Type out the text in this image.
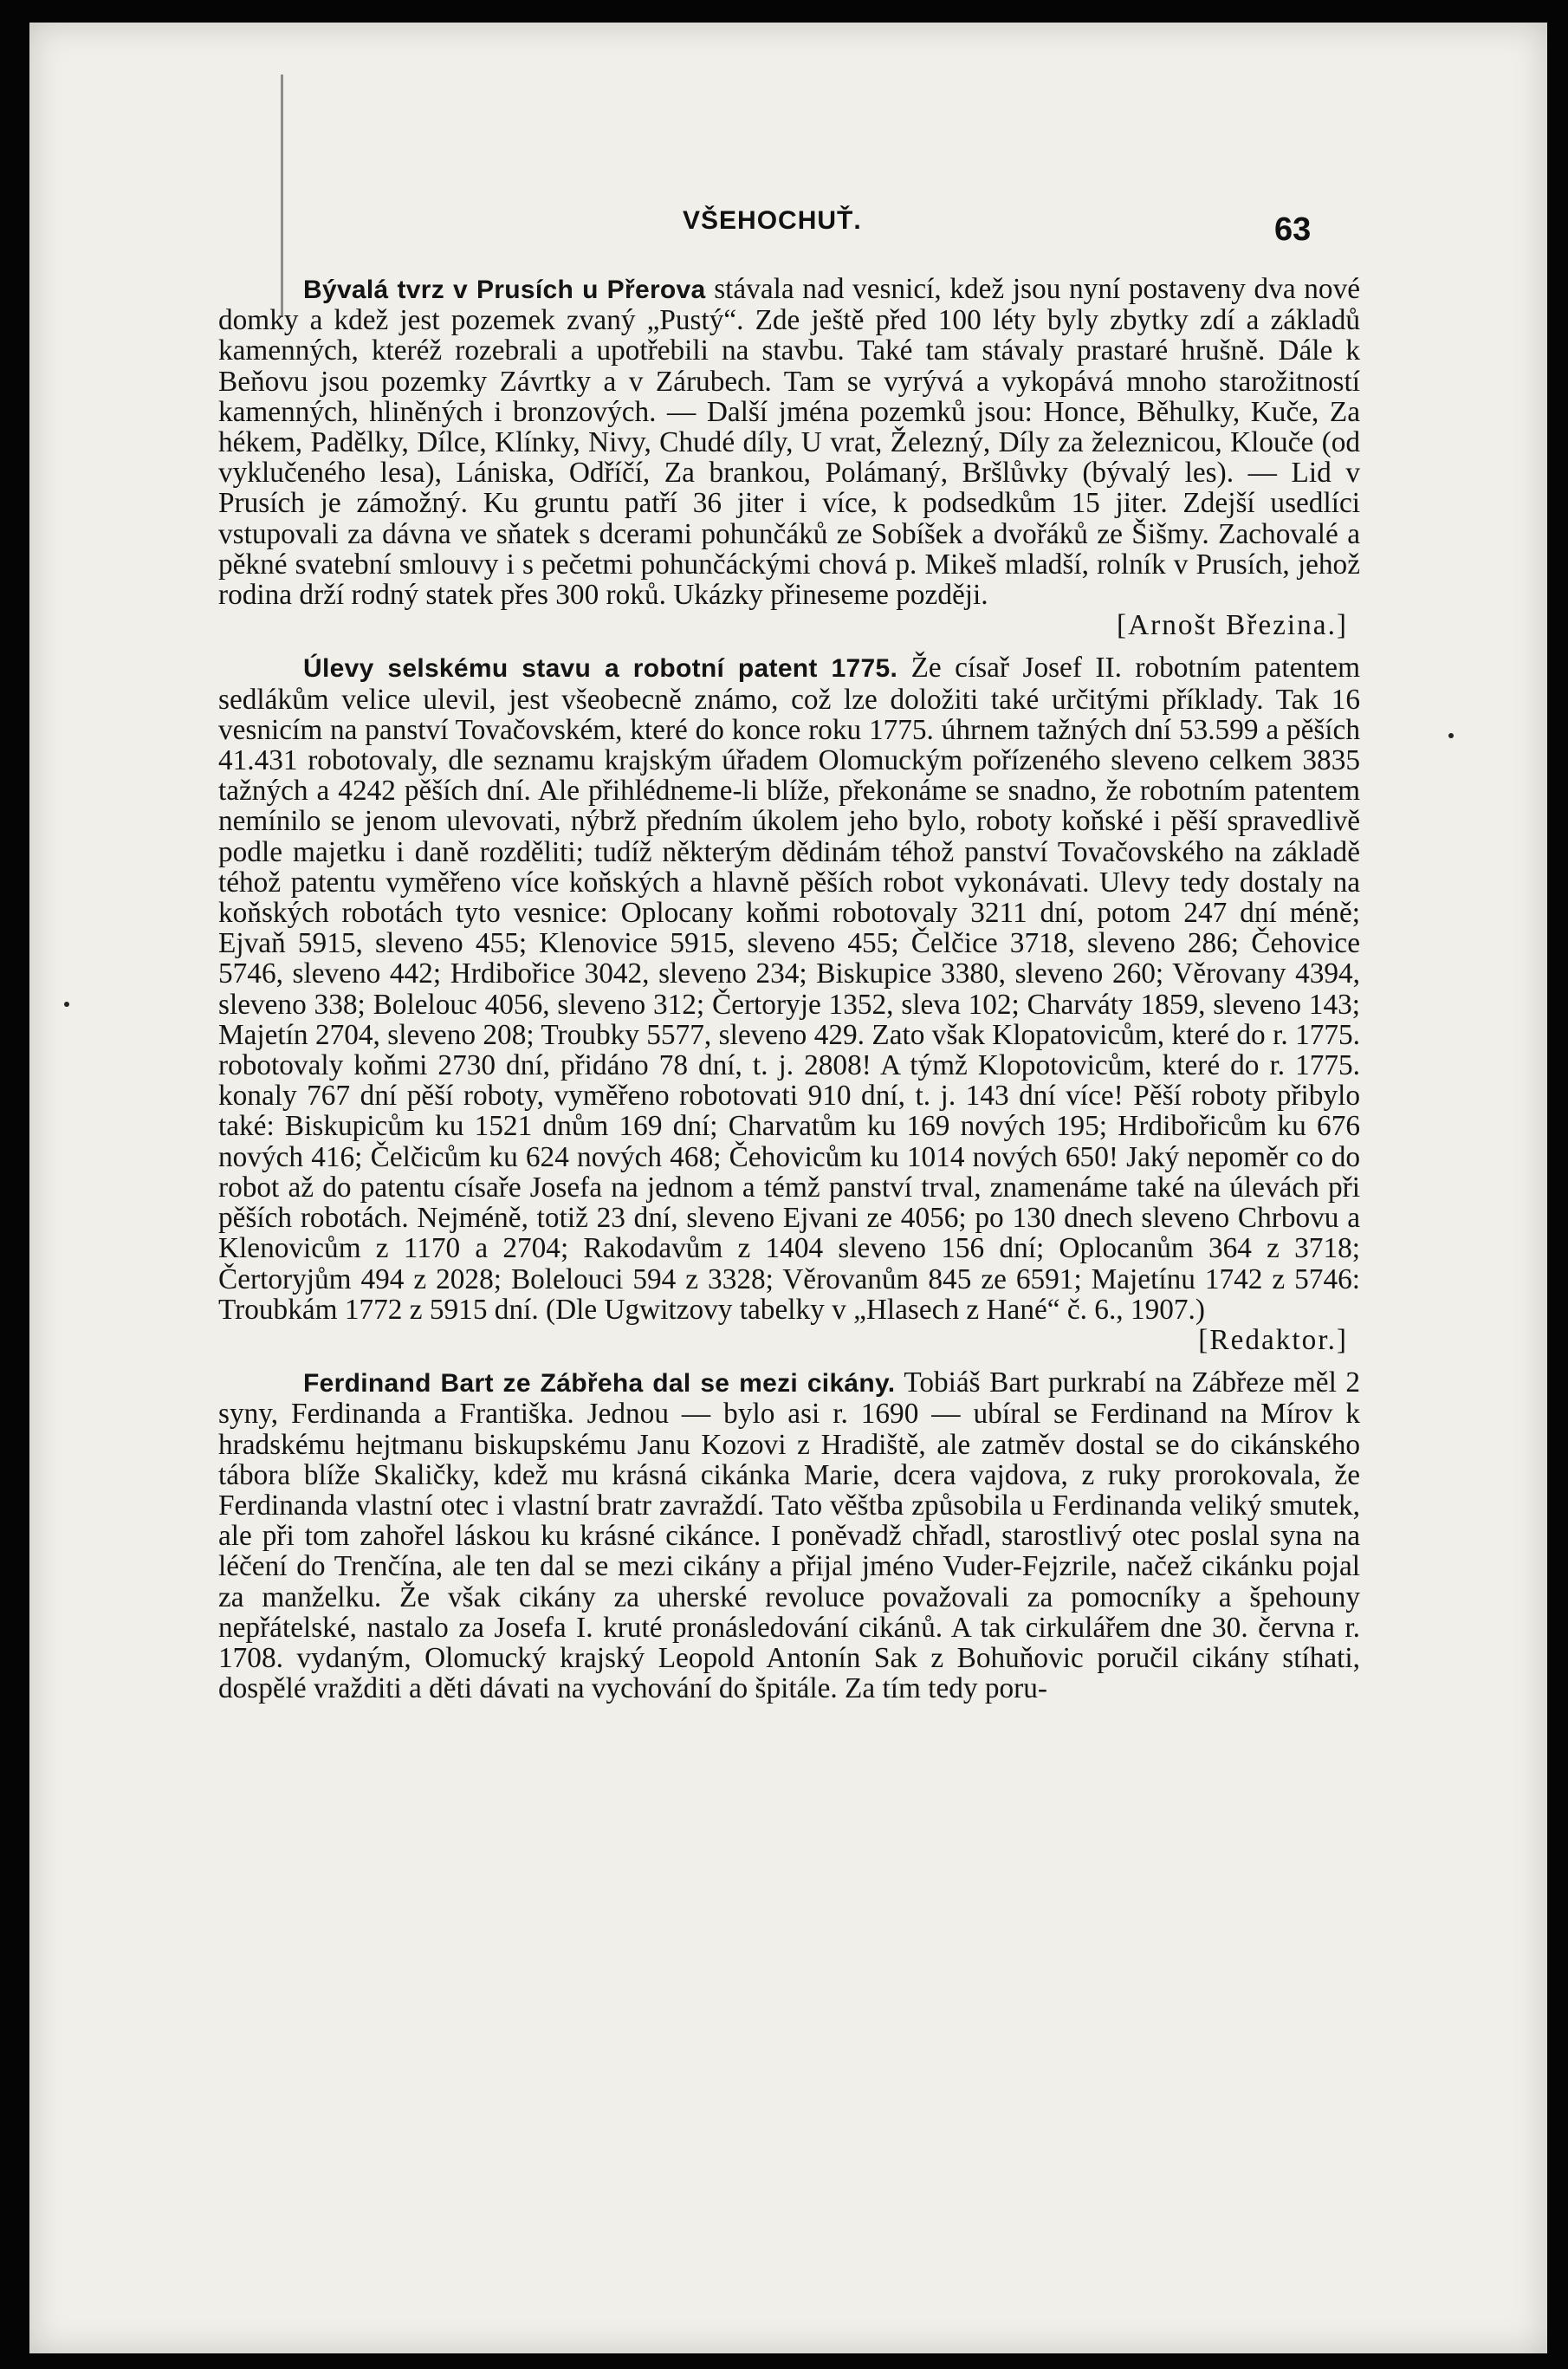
VŠEHOCHUŤ.	63

Bývalá tvrz v Prusích u Přerova stávala nad vesnicí, kdež jsou nyní postaveny dva nové domky a kdež jest pozemek zvaný „Pustý“. Zde ještě před 100 léty byly zbytky zdí a základů kamenných, kteréž rozebrali a upotřebili na stavbu. Také tam stávaly prastaré hrušně. Dále k Beňovu jsou pozemky Závrtky a v Zárubech. Tam se vyrývá a vykopává mnoho starožitností kamenných, hliněných i bronzových. — Další jména pozemků jsou: Honce, Běhulky, Kuče, Za hékem, Padělky, Dílce, Klínky, Nivy, Chudé díly, U vrat, Železný, Díly za železnicou, Klouče (od vyklučeného lesa), Lániska, Odříčí, Za brankou, Polámaný, Bršlůvky (bývalý les). — Lid v Prusích je zámožný. Ku gruntu patří 36 jiter i více, k podsedkům 15 jiter. Zdejší usedlíci vstupovali za dávna ve sňatek s dcerami pohunčáků ze Sobíšek a dvořáků ze Šišmy. Zachovalé a pěkné svatební smlouvy i s pečetmi pohunčáckými chová p. Mikeš mladší, rolník v Prusích, jehož rodina drží rodný statek přes 300 roků. Ukázky přineseme později.

[Arnošt Březina.]

Úlevy selskému stavu a robotní patent 1775. Že císař Josef II. robotním patentem sedlákům velice ulevil, jest všeobecně známo, což lze doložiti také určitými příklady. Tak 16 vesnicím na panství Tovačovském, které do konce roku 1775. úhrnem tažných dní 53.599 a pěších 41.431 robotovaly, dle seznamu krajským úřadem Olomuckým pořízeného sleveno celkem 3835 tažných a 4242 pěších dní. Ale přihlédneme-li blíže, překonáme se snadno, že robotním patentem nemínilo se jenom ulevovati, nýbrž předním úkolem jeho bylo, roboty koňské i pěší spravedlivě podle majetku i daně rozděliti; tudíž některým dědinám téhož panství Tovačovského na základě téhož patentu vyměřeno více koňských a hlavně pěších robot vykonávati. Ulevy tedy dostaly na koňských robotách tyto vesnice: Oplocany koňmi robotovaly 3211 dní, potom 247 dní méně; Ejvaň 5915, sleveno 455; Klenovice 5915, sleveno 455; Čelčice 3718, sleveno 286; Čehovice 5746, sleveno 442; Hrdibořice 3042, sleveno 234; Biskupice 3380, sleveno 260; Věrovany 4394, sleveno 338; Bolelouc 4056, sleveno 312; Čertoryje 1352, sleva 102; Charváty 1859, sleveno 143; Majetín 2704, sleveno 208; Troubky 5577, sleveno 429. Zato však Klopatovicům, které do r. 1775. robotovaly koňmi 2730 dní, přidáno 78 dní, t. j. 2808! A týmž Klopotovicům, které do r. 1775. konaly 767 dní pěší roboty, vyměřeno robotovati 910 dní, t. j. 143 dní více! Pěší roboty přibylo také: Biskupicům ku 1521 dnům 169 dní; Charvatům ku 169 nových 195; Hrdibořicům ku 676 nových 416; Čelčicům ku 624 nových 468; Čehovicům ku 1014 nových 650! Jaký nepoměr co do robot až do patentu císaře Josefa na jednom a témž panství trval, znamenáme také na úlevách při pěších robotách. Nejméně, totiž 23 dní, sleveno Ejvani ze 4056; po 130 dnech sleveno Chrbovu a Klenovicům z 1170 a 2704; Rakodavům z 1404 sleveno 156 dní; Oplocanům 364 z 3718; Čertoryjům 494 z 2028; Bolelouci 594 z 3328; Věrovanům 845 ze 6591; Majetínu 1742 z 5746: Troubkám 1772 z 5915 dní. (Dle Ugwitzovy tabelky v „Hlasech z Hané“ č. 6., 1907.)

[Redaktor.]

Ferdinand Bart ze Zábřeha dal se mezi cikány. Tobiáš Bart purkrabí na Zábřeze měl 2 syny, Ferdinanda a Františka. Jednou — bylo asi r. 1690 — ubíral se Ferdinand na Mírov k hradskému hejtmanu biskupskému Janu Kozovi z Hradiště, ale zatměv dostal se do cikánského tábora blíže Skaličky, kdež mu krásná cikánka Marie, dcera vajdova, z ruky prorokovala, že Ferdinanda vlastní otec i vlastní bratr zavraždí. Tato věštba způsobila u Ferdinanda veliký smutek, ale při tom zahořel láskou ku krásné cikánce. I poněvadž chřadl, starostlivý otec poslal syna na léčení do Trenčína, ale ten dal se mezi cikány a přijal jméno Vuder-Fejzrile, načež cikánku pojal za manželku. Že však cikány za uherské revoluce považovali za pomocníky a špehouny nepřátelské, nastalo za Josefa I. kruté pronásledování cikánů. A tak cirkulářem dne 30. června r. 1708. vydaným, Olomucký krajský Leopold Antonín Sak z Bohuňovic poručil cikány stíhati, dospělé vražditi a děti dávati na vychování do špitále. Za tím tedy poru-
